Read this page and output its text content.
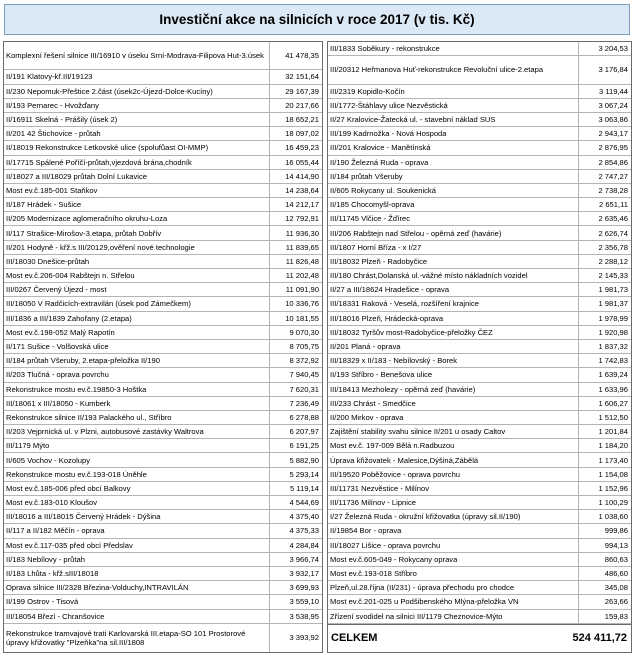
Investiční akce na silnicích v roce 2017 (v tis. Kč)
Komplexní řešení silnice III/16910 v úseku Srní-Modrava-Filipova Hut-3.úsek	41 478,35
II/191 Klatovy-kř.III/19123	32 151,64
II/230 Nepomuk-Přeštice 2.část (úsek2c-Újezd-Dolce-Kucíny)	29 167,39
II/193 Pernarec - Hvožďany	20 217,66
II/16911 Skelná - Prášily (úsek 2)	18 652,21
II/201 42 Štichovice - průtah	18 097,02
II/18019 Rekonstrukce Letkovské ulice (spolufůast OI-MMP)	16 459,23
II/17715 Spálené Poříčí-průtah,vjezdová brána,chodník	16 055,44
II/18027 a III/18029 průtah Dolní Lukavice	14 414,90
Most ev.č.185-001 Staňkov	14 238,64
II/187 Hrádek - Sušice	14 212,17
II/205 Modernizace aglomeračního okruhu-Loza	12 792,91
II/117 Strašice-Mirošov-3.etapa, průtah Dobřív	11 936,30
II/201 Hodyně - křž.s III/20129,ověření nové technologie	11 839,65
III/18030 Dnešice-průtah	11 826,48
Most ev.č.206-004 Rabštejn n. Střelou	11 202,48
III/0267 Červený Újezd - most	11 091,90
III/18050 V Radčicích-extravilán (úsek pod Zámečkem)	10 336,76
III/1836 a III/1839 Zahořany (2.etapa)	10 181,55
Most ev.č.198-052 Malý Rapotín	9 070,30
II/171 Sušice - Volšovská ulice	8 705,75
II/184 průtah Všeruby, 2.etapa-přeložka II/190	8 372,92
II/203 Tlučná - oprava povrchu	7 940,45
Rekonstrukce mostu ev.č.19850-3 Hoštka	7 620,31
III/18061 x III/18050 - Kumberk	7 236,49
Rekonstrukce silnice II/193 Palackého ul., Stříbro	6 278,88
II/203 Vejprnická ul. v Plzni, autobusové zastávky Waltrova	6 207,97
III/1179 Mýto	6 191,25
II/605 Vochov - Kozolupy	5 882,90
Rekonstrukce mostu ev.č.193-018 Úněhle	5 293,14
Most ev.č.185-006 před obcí Balkovy	5 119,14
Most ev.č.183-010 Kloušov	4 544,69
III/18016 a III/18015 Červený Hrádek - Dýšina	4 375,40
II/117 a II/182 Měčín - oprava	4 375,33
Most ev.č.117-035 před obcí Předslav	4 284,84
II/183 Nebílovy - průtah	3 966,74
II/183 Lhůta - křž.sIII/18018	3 932,17
Oprava silnice III/2328 Březina-Volduchy,INTRAVILÁN	3 699,93
II/199 Ostrov - Tisová	3 559,10
III/18054 Březí - Chranšovice	3 538,95
Rekonstrukce tramvajové trati Karlovarská III.etapa-SO 101 Prostorové úpravy křižovatky "Plzeňka"na sil.III/1808	3 393,92
III/1833 Soběkury - rekonstrukce	3 204,53
III/20312 Heřmanova Huť-rekonstrukce Revoluční ulice-2.etapa	3 176,84
III/2319 Kopidlo-Kočín	3 119,44
III/1772-Štáhlavy ulice Nezvěstická	3 067,24
II/27 Kralovice-Žatecká ul. - stavební náklad SUS	3 063,86
III/199 Kadrnožka - Nová Hospoda	2 943,17
III/201 Kralovice - Manětínská	2 876,95
II/190 Železná Ruda - oprava	2 854,86
II/184 průtah Všeruby	2 747,27
II/605 Rokycany ul. Soukenická	2 738,28
II/185 Chocomyšl-oprava	2 651,11
III/11745 Vlčice - Žďírec	2 635,46
III/206 Rabštejn nad Střelou - opěrná zeď (havárie)	2 626,74
III/1807 Horní Bříza - x I/27	2 356,78
III/18032 Plzeň - Radobyčice	2 288,12
III/180 Chrást,Dolanská ul.-vážné místo nákladních vozidel	2 145,33
II/27 a III/18624 Hradešice - oprava	1 981,73
III/18331 Raková - Veselá, rozšíření krajnice	1 981,37
III/18016 Plzeň, Hrádecká-oprava	1 978,99
III/18032 Tyršův most-Radobyčice-přeložky ČEZ	1 920,98
II/201 Planá - oprava	1 837,32
III/18329 x II/183 - Nebílovský - Borek	1 742,83
II/193 Stříbro - Benešova ulice	1 639,24
III/18413 Mezholezy - opěrná zeď (havárie)	1 633,96
III/233 Chrást - Smedčice	1 606,27
II/200 Mirkov - oprava	1 512,50
Zajištění stability svahu silnice II/201 u osady Caltov	1 201,84
Most ev.č. 197-009 Bělá n.Radbuzou	1 184,20
Úprava křižovatek - Malesice,Dýšiná,Zábělá	1 173,40
III/19520 Poběžovice - oprava povrchu	1 154,08
III/11731 Nezvěstice - Milínov	1 152,96
III/11736 Milínov - Lipnice	1 100,29
I/27 Železná Ruda - okružní křižovatka (úpravy sil.II/190)	1 038,60
II/19854 Bor - oprava	999,86
III/18027 Lišice - oprava povrchu	994,13
Most ev.č.605-049 - Rokycany oprava	860,63
Most ev.č.193-018 Stříbro	486,60
Plzeň,ul.28.října (II/231) - úprava přechodu pro chodce	345,08
Most ev.č.201-025 u Podšibenského Mlýna-přeložka VN	263,66
Zřízení svodidel na silnici III/1179 Cheznovice-Mýto	159,83
CELKEM	524 411,72
